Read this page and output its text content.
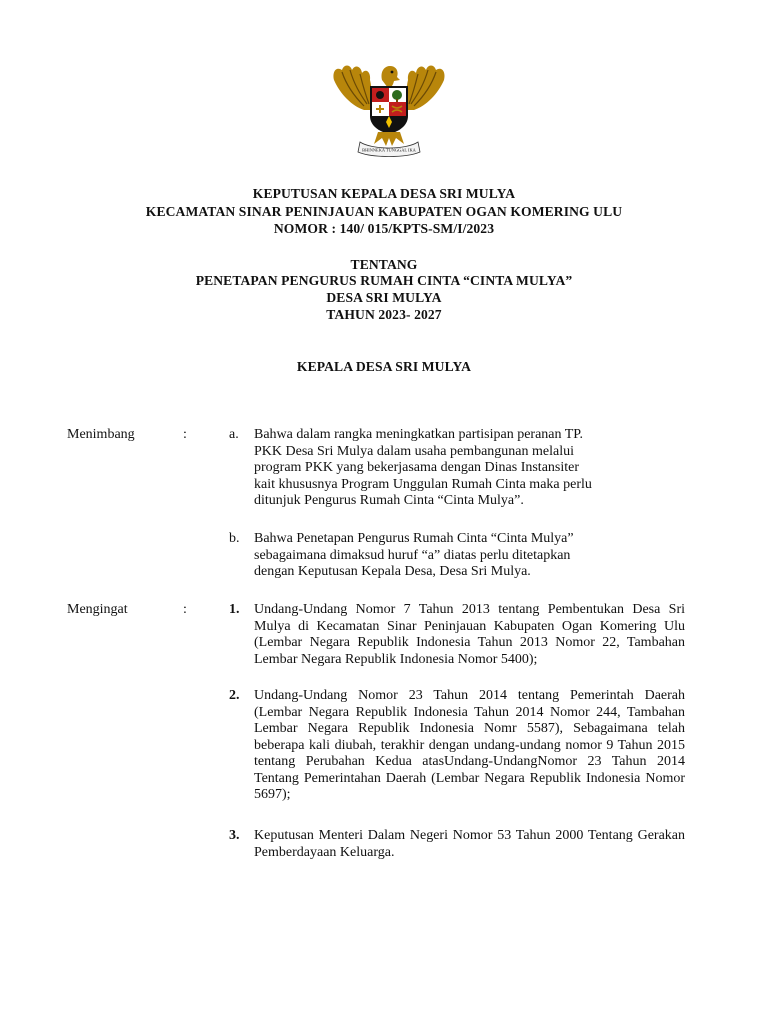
BHINNEKA TUNGGAL IKA
KEPUTUSAN KEPALA DESA SRI MULYA
KECAMATAN SINAR PENINJAUAN KABUPATEN OGAN KOMERING ULU
NOMOR : 140/ 015/KPTS-SM/I/2023
TENTANG
PENETAPAN PENGURUS RUMAH CINTA “CINTA MULYA”
DESA SRI MULYA
TAHUN 2023- 2027
KEPALA DESA SRI MULYA
Menimbang	:	a. Bahwa dalam rangka meningkatkan partisipan peranan TP.
PKK Desa Sri Mulya dalam usaha pembangunan melalui
program PKK yang bekerjasama dengan Dinas Instansiter
kait khususnya Program Unggulan Rumah Cinta maka perlu
ditunjuk Pengurus Rumah Cinta “Cinta Mulya”.
b. Bahwa Penetapan Pengurus Rumah Cinta “Cinta Mulya”
sebagaimana dimaksud huruf “a” diatas perlu ditetapkan
dengan Keputusan Kepala Desa, Desa Sri Mulya.
Mengingat	:	1. Undang-Undang Nomor 7 Tahun 2013 tentang Pembentukan Desa Sri Mulya di Kecamatan Sinar Peninjauan Kabupaten Ogan Komering Ulu (Lembar Negara Republik Indonesia Tahun 2013 Nomor 22, Tambahan Lembar Negara Republik Indonesia Nomor 5400);
2. Undang-Undang Nomor 23 Tahun 2014 tentang Pemerintah Daerah (Lembar Negara Republik Indonesia Tahun 2014 Nomor 244, Tambahan Lembar Negara Republik Indonesia Nomr 5587), Sebagaimana telah beberapa kali diubah, terakhir dengan undang-undang nomor 9 Tahun 2015 tentang Perubahan Kedua atasUndang-UndangNomor 23 Tahun 2014 Tentang Pemerintahan Daerah (Lembar Negara Republik Indonesia Nomor 5697);
3. Keputusan Menteri Dalam Negeri Nomor 53 Tahun 2000 Tentang Gerakan Pemberdayaan Keluarga.
